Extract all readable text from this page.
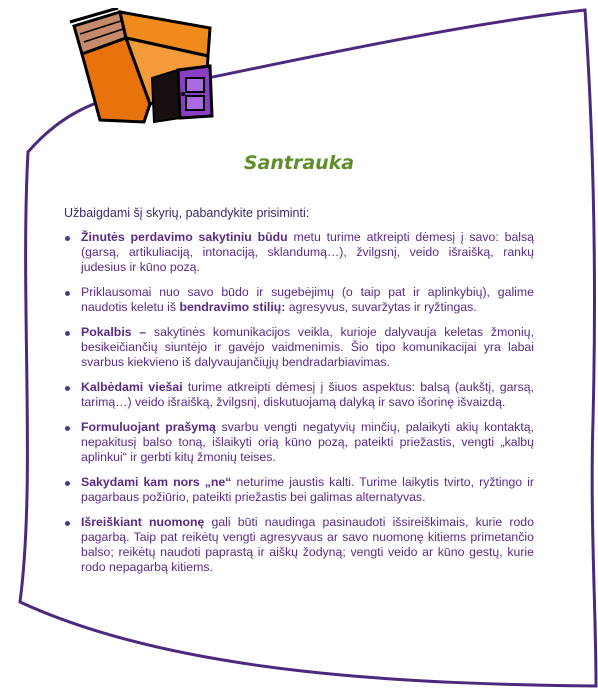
Santrauka
Užbaigdami šį skyrių, pabandykite prisiminti:
Žinutės perdavimo sakytiniu būdu metu turime atkreipti dėmesį į savo: balsą (garsą, artikuliaciją, intonaciją, sklandumą…), žvilgsnį, veido išraišką, rankų judesius ir kūno pozą.
Priklausomai nuo savo būdo ir sugebėjimų (o taip pat ir aplinkybių), galime naudotis keletu iš bendravimo stilių: agresyvus, suvaržytas ir ryžtingas.
Pokalbis – sakytinės komunikacijos veikla, kurioje dalyvauja keletas žmonių, besikeičiančių siuntėjo ir gavėjo vaidmenimis. Šio tipo komunikacijai yra labai svarbus kiekvieno iš dalyvaujančiųjų bendradarbiavimas.
Kalbėdami viešai turime atkreipti dėmesį į šiuos aspektus: balsą (aukštį, garsą, tarimą…) veido išraišką, žvilgsnį, diskutuojamą dalyką ir savo išorinę išvaizdą.
Formuluojant prašymą svarbu vengti negatyvių minčių, palaikyti akių kontaktą, nepakitusį balso toną, išlaikyti orią kūno pozą, pateikti priežastis, vengti „kalbų aplinkui“ ir gerbti kitų žmonių teises.
Sakydami kam nors „ne“ neturime jaustis kalti. Turime laikytis tvirto, ryžtingo ir pagarbaus požiūrio, pateikti priežastis bei galimas alternatyvas.
Išreiškiant nuomonę gali būti naudinga pasinaudoti išsireiškimais, kurie rodo pagarbą. Taip pat reikėtų vengti agresyvaus ar savo nuomonę kitiems primetančio balso; reikėtų naudoti paprastą ir aiškų žodyną; vengti veido ar kūno gestų, kurie rodo nepagarbą kitiems.
